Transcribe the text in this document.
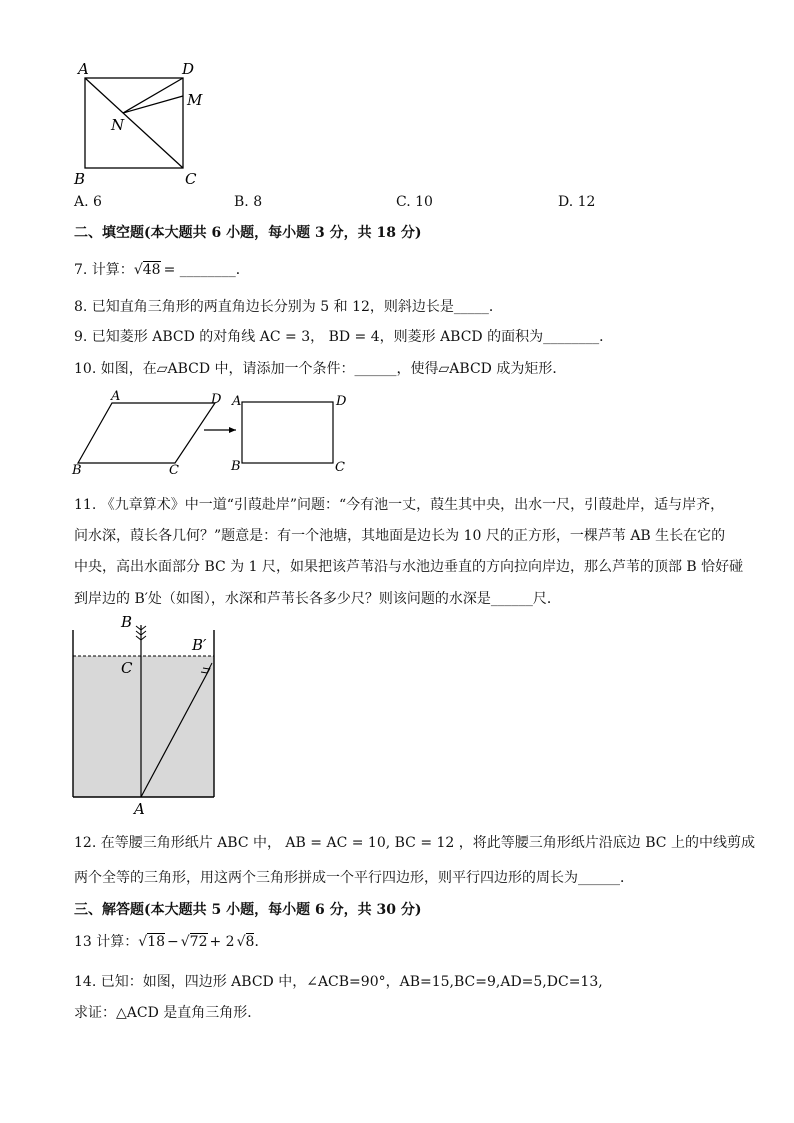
A	D
M
N
B	C
A. 6	B. 8	C. 10	D. 12
二、填空题(本大题共 6 小题，每小题 3 分，共 18 分)
7. 计算：√48 = ________．
8. 已知直角三角形的两直角边长分别为 5 和 12，则斜边长是_____．
9. 已知菱形 ABCD 的对角线 AC = 3， BD = 4，则菱形 ABCD 的面积为________．
10. 如图，在▱ABCD 中，请添加一个条件：______，使得▱ABCD 成为矩形．
A	D
B	C
A	D
B	C
11. 《九章算术》中一道“引葭赴岸”问题：“今有池一丈，葭生其中央，出水一尺，引葭赴岸，适与岸齐，
问水深，葭长各几何？”题意是：有一个池塘，其地面是边长为 10 尺的正方形，一棵芦苇 AB 生长在它的
中央，高出水面部分 BC 为 1 尺，如果把该芦苇沿与水池边垂直的方向拉向岸边，那么芦苇的顶部 B 恰好碰
到岸边的 B′处（如图），水深和芦苇长各多少尺？则该问题的水深是______尺．
B
B′
C
A
12. 在等腰三角形纸片 ABC 中， AB = AC = 10, BC = 12 ，将此等腰三角形纸片沿底边 BC 上的中线剪成
两个全等的三角形，用这两个三角形拼成一个平行四边形，则平行四边形的周长为______．
三、解答题(本大题共 5 小题，每小题 6 分，共 30 分)
13 计算：√18 − √72 + 2 √8．
14. 已知：如图，四边形 ABCD 中，∠ACB=90°，AB=15,BC=9,AD=5,DC=13,
求证：△ACD 是直角三角形．
